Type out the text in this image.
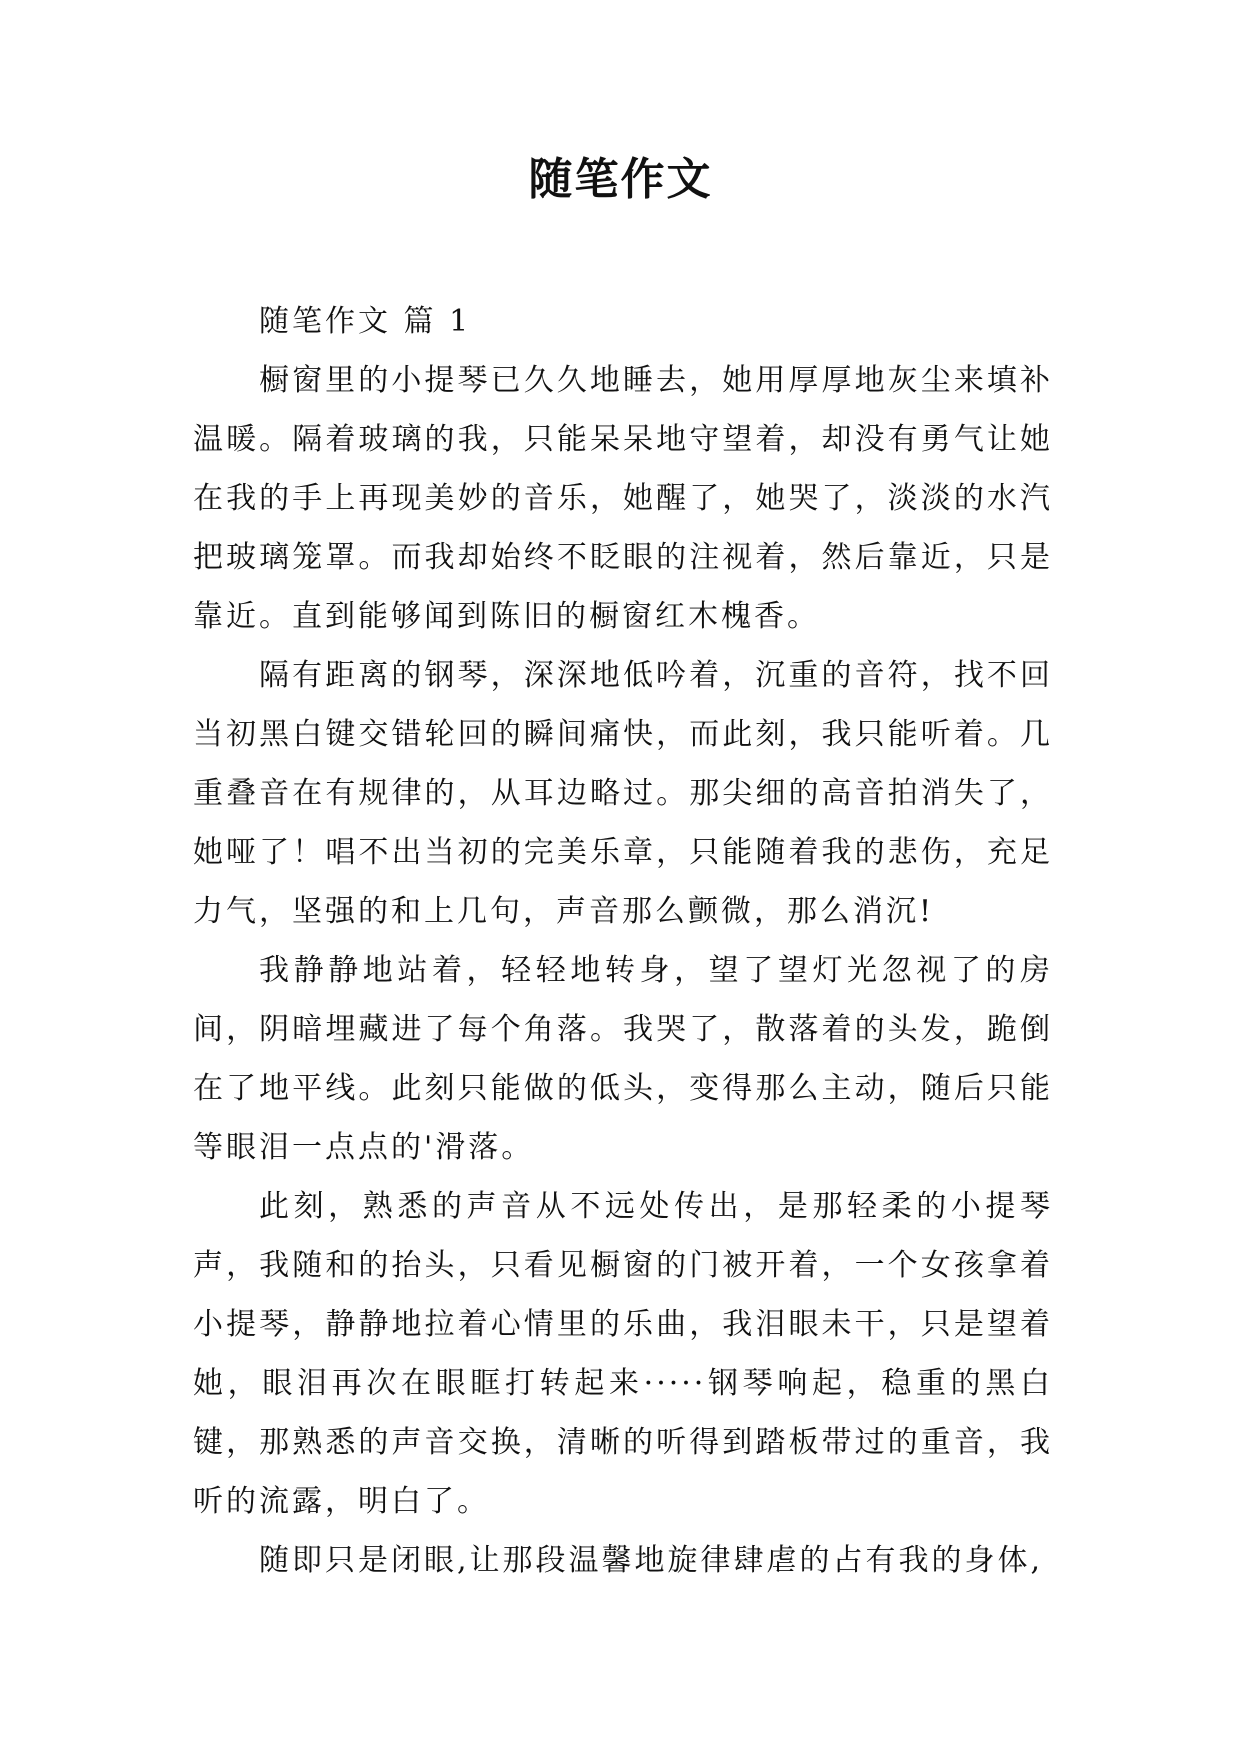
随笔作文

随笔作文 篇 1

橱窗里的小提琴已久久地睡去，她用厚厚地灰尘来填补温暖。隔着玻璃的我，只能呆呆地守望着，却没有勇气让她在我的手上再现美妙的音乐，她醒了，她哭了，淡淡的水汽把玻璃笼罩。而我却始终不眨眼的注视着，然后靠近，只是靠近。直到能够闻到陈旧的橱窗红木槐香。

隔有距离的钢琴，深深地低吟着，沉重的音符，找不回当初黑白键交错轮回的瞬间痛快，而此刻，我只能听着。几重叠音在有规律的，从耳边略过。那尖细的高音拍消失了，她哑了！唱不出当初的完美乐章，只能随着我的悲伤，充足力气，坚强的和上几句，声音那么颤微，那么消沉!

我静静地站着，轻轻地转身，望了望灯光忽视了的房间，阴暗埋藏进了每个角落。我哭了，散落着的头发，跪倒在了地平线。此刻只能做的低头，变得那么主动，随后只能等眼泪一点点的'滑落。

此刻，熟悉的声音从不远处传出，是那轻柔的小提琴声，我随和的抬头，只看见橱窗的门被开着，一个女孩拿着小提琴，静静地拉着心情里的乐曲，我泪眼未干，只是望着她，眼泪再次在眼眶打转起来·····钢琴响起，稳重的黑白键，那熟悉的声音交换，清晰的听得到踏板带过的重音，我听的流露，明白了。

随即只是闭眼,让那段温馨地旋律肆虐的占有我的身体,
